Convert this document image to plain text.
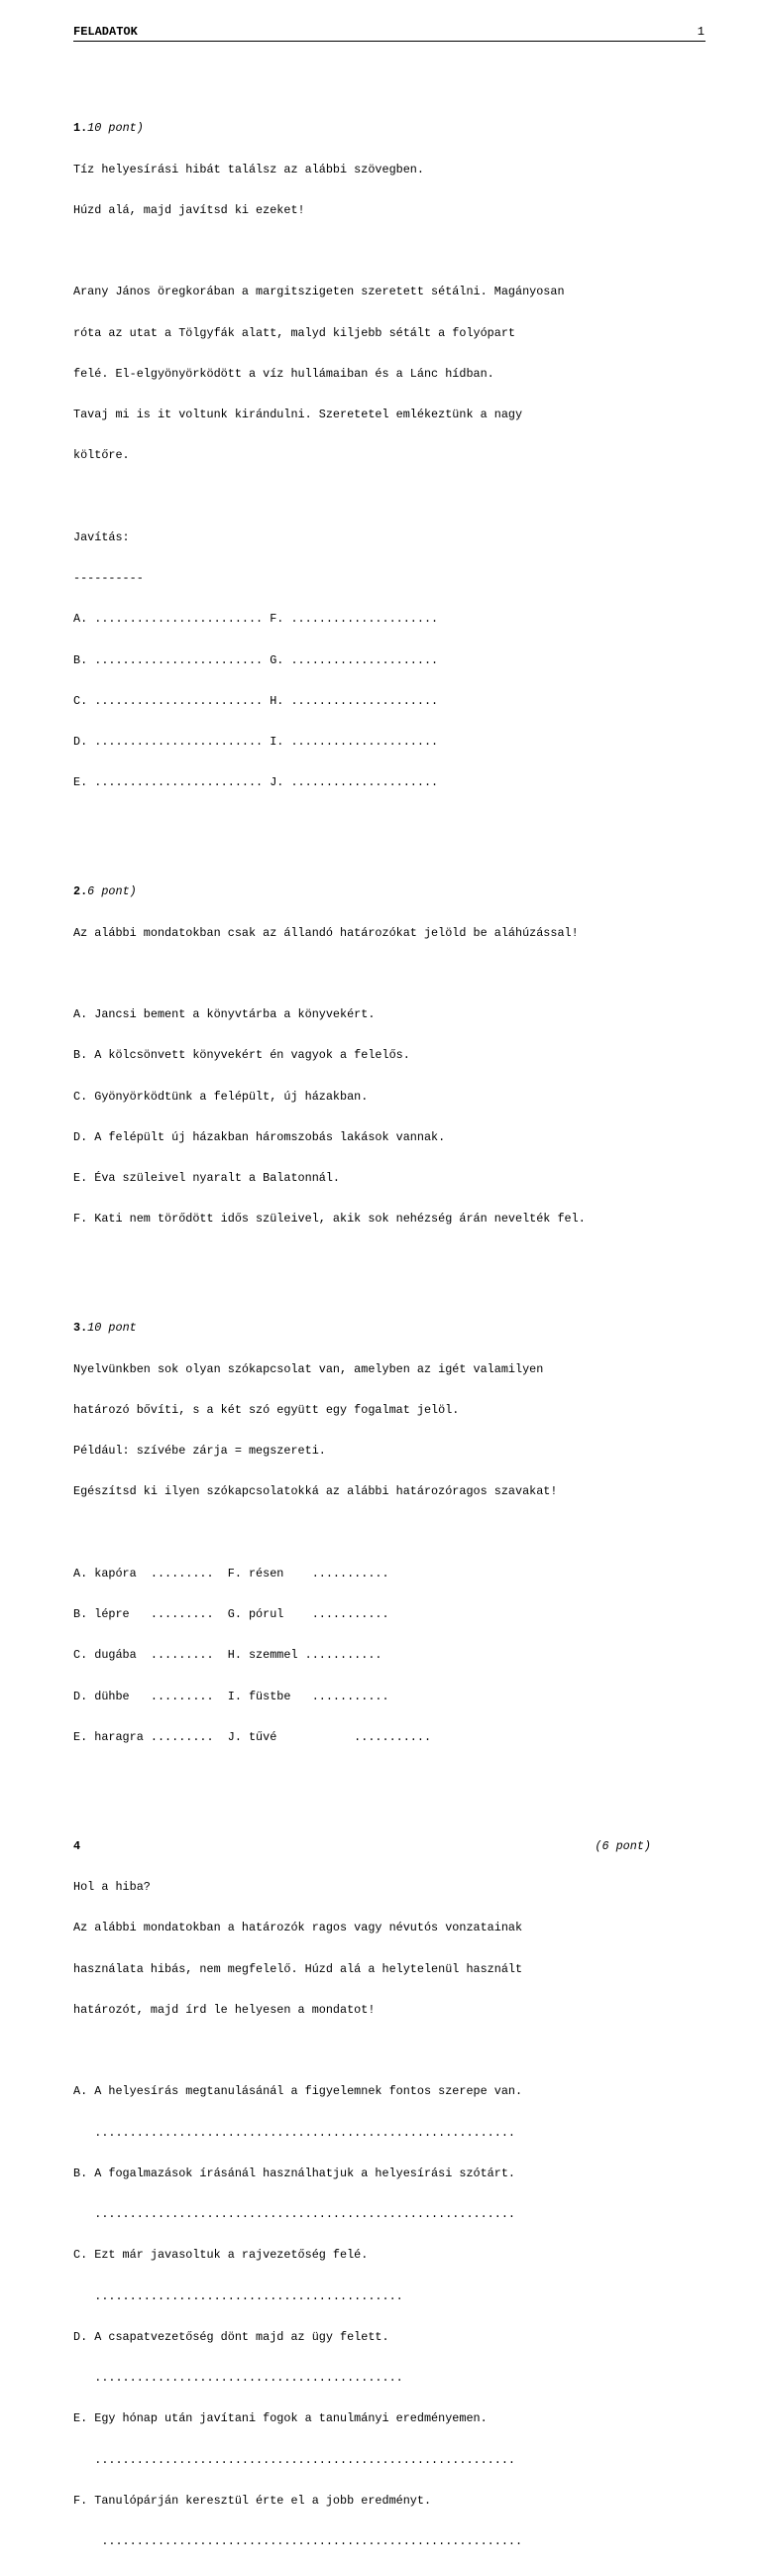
FELADATOK	1

1.10 pont)

Tíz helyesírási hibát találsz az alábbi szövegben.

Húzd alá, majd javítsd ki ezeket!

Arany János öregkorában a margitszigeten szeretett sétálni. Magányosan

róta az utat a Tölgyfák alatt, malyd kiljebb sétált a folyópart

felé. El-elgyönyörködött a víz hullámaiban és a Lánc hídban.

Tavaj mi is it voltunk kirándulni. Szeretetel emlékeztünk a nagy

költőre.

Javítás:

----------

A. ........................ F. .....................

B. ........................ G. .....................

C. ........................ H. .....................

D. ........................ I. .....................

E. ........................ J. .....................

2.6 pont)

Az alábbi mondatokban csak az állandó határozókat jelöld be aláhúzással!

A. Jancsi bement a könyvtárba a könyvekért.

B. A kölcsönvett könyvekért én vagyok a felelős.

C. Gyönyörködtünk a felépült, új házakban.

D. A felépült új házakban háromszobás lakások vannak.

E. Éva szüleivel nyaralt a Balatonnál.

F. Kati nem törődött idős szüleivel, akik sok nehézség árán nevelték fel.

3.10 pont

Nyelvünkben sok olyan szókapcsolat van, amelyben az igét valamilyen

határozó bővíti, s a két szó együtt egy fogalmat jelöl.

Például: szívébe zárja = megszereti.

Egészítsd ki ilyen szókapcsolatokká az alábbi határozóragos szavakat!

A. kapóra  .........  F. résen    ...........

B. lépre   .........  G. pórul    ...........

C. dugába  .........  H. szemmel ...........

D. dühbe   .........  I. füstbe   ...........

E. haragra .........  J. tűvé           ...........

4	(6 pont)

Hol a hiba?

Az alábbi mondatokban a határozók ragos vagy névutós vonzatainak

használata hibás, nem megfelelő. Húzd alá a helytelenül használt

határozót, majd írd le helyesen a mondatot!

A. A helyesírás megtanulásánál a figyelemnek fontos szerepe van.

............................................................

B. A fogalmazások írásánál használhatjuk a helyesírási szótárt.

............................................................

C. Ezt már javasoltuk a rajvezetőség felé.

............................................

D. A csapatvezetőség dönt majd az ügy felett.

............................................

E. Egy hónap után javítani fogok a tanulmányi eredményemen.

............................................................

F. Tanulópárján keresztül érte el a jobb eredményt.

............................................................
